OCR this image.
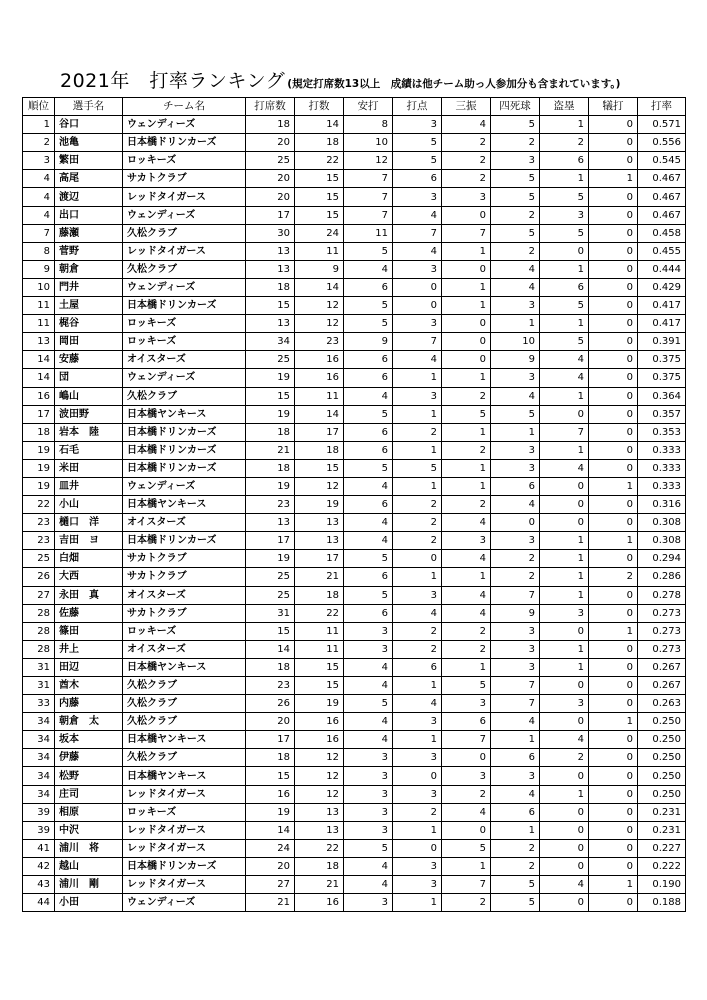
2021年　打率ランキング (規定打席数13以上　成績は他チーム助っ人参加分も含まれています。)
順位	選手名	チーム名	打席数	打数	安打	打点	三振	四死球	盗塁	犠打	打率
1	谷口	ウェンディーズ	18	14	8	3	4	5	1	0	0.571
2	池亀	日本橋ドリンカーズ	20	18	10	5	2	2	2	0	0.556
3	繁田	ロッキーズ	25	22	12	5	2	3	6	0	0.545
4	高尾	サカトクラブ	20	15	7	6	2	5	1	1	0.467
4	渡辺	レッドタイガース	20	15	7	3	3	5	5	0	0.467
4	出口	ウェンディーズ	17	15	7	4	0	2	3	0	0.467
7	藤瀬	久松クラブ	30	24	11	7	7	5	5	0	0.458
8	菅野	レッドタイガース	13	11	5	4	1	2	0	0	0.455
9	朝倉	久松クラブ	13	9	4	3	0	4	1	0	0.444
10	門井	ウェンディーズ	18	14	6	0	1	4	6	0	0.429
11	土屋	日本橋ドリンカーズ	15	12	5	0	1	3	5	0	0.417
11	梶谷	ロッキーズ	13	12	5	3	0	1	1	0	0.417
13	岡田	ロッキーズ	34	23	9	7	0	10	5	0	0.391
14	安藤	オイスターズ	25	16	6	4	0	9	4	0	0.375
14	団	ウェンディーズ	19	16	6	1	1	3	4	0	0.375
16	嶋山	久松クラブ	15	11	4	3	2	4	1	0	0.364
17	波田野	日本橋ヤンキース	19	14	5	1	5	5	0	0	0.357
18	岩本　陸	日本橋ドリンカーズ	18	17	6	2	1	1	7	0	0.353
19	石毛	日本橋ドリンカーズ	21	18	6	1	2	3	1	0	0.333
19	米田	日本橋ドリンカーズ	18	15	5	5	1	3	4	0	0.333
19	皿井	ウェンディーズ	19	12	4	1	1	6	0	1	0.333
22	小山	日本橋ヤンキース	23	19	6	2	2	4	0	0	0.316
23	樋口　洋	オイスターズ	13	13	4	2	4	0	0	0	0.308
23	吉田　ヨ	日本橋ドリンカーズ	17	13	4	2	3	3	1	1	0.308
25	白畑	サカトクラブ	19	17	5	0	4	2	1	0	0.294
26	大西	サカトクラブ	25	21	6	1	1	2	1	2	0.286
27	永田　真	オイスターズ	25	18	5	3	4	7	1	0	0.278
28	佐藤	サカトクラブ	31	22	6	4	4	9	3	0	0.273
28	篠田	ロッキーズ	15	11	3	2	2	3	0	1	0.273
28	井上	オイスターズ	14	11	3	2	2	3	1	0	0.273
31	田辺	日本橋ヤンキース	18	15	4	6	1	3	1	0	0.267
31	酋木	久松クラブ	23	15	4	1	5	7	0	0	0.267
33	内藤	久松クラブ	26	19	5	4	3	7	3	0	0.263
34	朝倉　太	久松クラブ	20	16	4	3	6	4	0	1	0.250
34	坂本	日本橋ヤンキース	17	16	4	1	7	1	4	0	0.250
34	伊藤	久松クラブ	18	12	3	3	0	6	2	0	0.250
34	松野	日本橋ヤンキース	15	12	3	0	3	3	0	0	0.250
34	庄司	レッドタイガース	16	12	3	3	2	4	1	0	0.250
39	相原	ロッキーズ	19	13	3	2	4	6	0	0	0.231
39	中沢	レッドタイガース	14	13	3	1	0	1	0	0	0.231
41	浦川　将	レッドタイガース	24	22	5	0	5	2	0	0	0.227
42	越山	日本橋ドリンカーズ	20	18	4	3	1	2	0	0	0.222
43	浦川　剛	レッドタイガース	27	21	4	3	7	5	4	1	0.190
44	小田	ウェンディーズ	21	16	3	1	2	5	0	0	0.188
